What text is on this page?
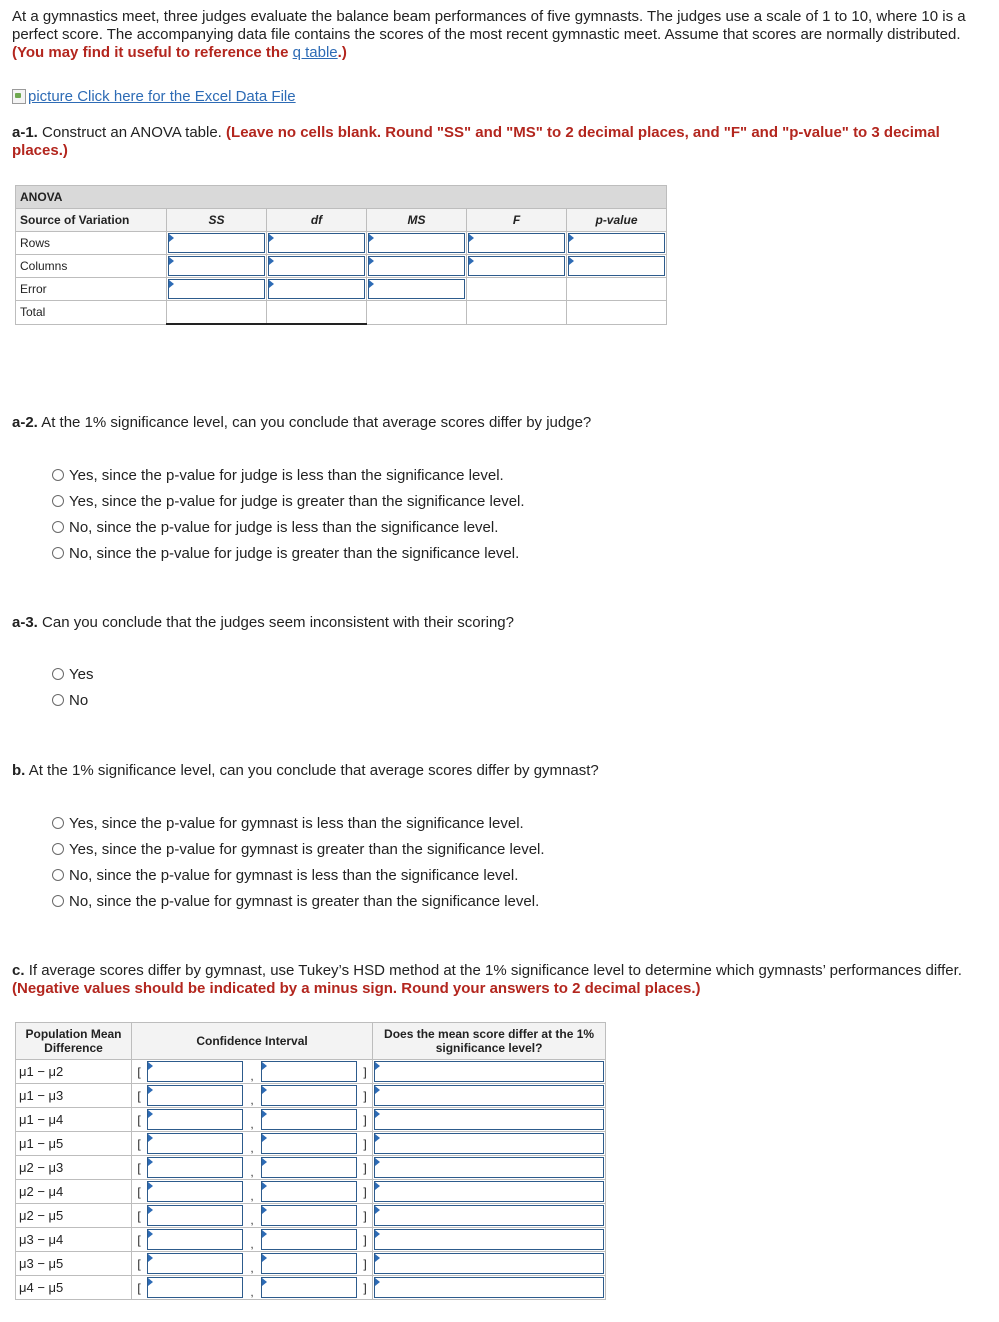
At a gymnastics meet, three judges evaluate the balance beam performances of five gymnasts. The judges use a scale of 1 to 10, where 10 is a perfect score. The accompanying data file contains the scores of the most recent gymnastic meet. Assume that scores are normally distributed. (You may find it useful to reference the q table.)
picture Click here for the Excel Data File
a-1. Construct an ANOVA table. (Leave no cells blank. Round "SS" and "MS" to 2 decimal places, and "F" and "p-value" to 3 decimal places.)
ANOVA					
Source of Variation	SS	df	MS	F	p-value
Rows	

Columns	

Error	

Total					
a-2. At the 1% significance level, can you conclude that average scores differ by judge?
Yes, since the p-value for judge is less than the significance level.
Yes, since the p-value for judge is greater than the significance level.
No, since the p-value for judge is less than the significance level.
No, since the p-value for judge is greater than the significance level.
a-3. Can you conclude that the judges seem inconsistent with their scoring?
Yes
No
b. At the 1% significance level, can you conclude that average scores differ by gymnast?
Yes, since the p-value for gymnast is less than the significance level.
Yes, since the p-value for gymnast is greater than the significance level.
No, since the p-value for gymnast is less than the significance level.
No, since the p-value for gymnast is greater than the significance level.
c. If average scores differ by gymnast, use Tukey’s HSD method at the 1% significance level to determine which gymnasts’ performances differ. (Negative values should be indicated by a minus sign. Round your answers to 2 decimal places.)
Population Mean Difference	Confidence Interval					Does the mean score differ at the 1% significance level?
μ1 − μ2	[		,		]		

μ1 − μ3	[		,		]		

μ1 − μ4	[		,		]		

μ1 − μ5	[		,		]		

μ2 − μ3	[		,		]		

μ2 − μ4	[		,		]		

μ2 − μ5	[		,		]		

μ3 − μ4	[		,		]		

μ3 − μ5	[		,		]		

μ4 − μ5	[		,		]		
